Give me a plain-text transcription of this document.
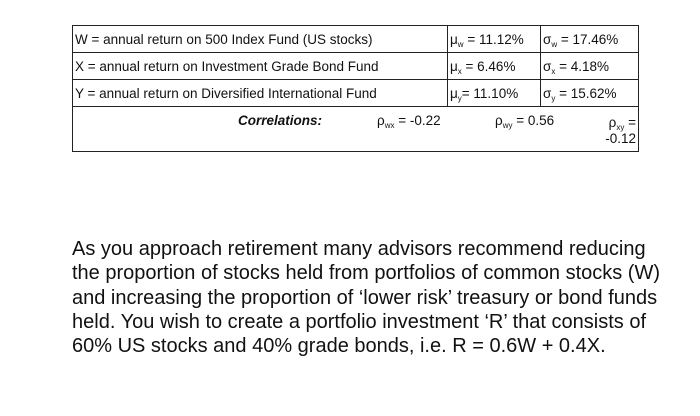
W = annual return on 500 Index Fund (US stocks)	$\mu_w = 11.12\%$	$\sigma_w = 17.46\%$
X = annual return on Investment Grade Bond Fund	$\mu_x = 6.46\%$	$\sigma_x = 4.18\%$
Y = annual return on Diversified International Fund	$\mu_y= 11.10\%$	$\sigma_y = 15.62\%$

Correlations: $\rho_{wx} = -0.22$ $\rho_{wy} = 0.56$ $\rho_{xy}$ =
-0.12		

As you approach retirement many advisors recommend reducing the proportion of stocks held from portfolios of common stocks (W) and increasing the proportion of ‘lower risk’ treasury or bond funds held. You wish to create a portfolio investment ‘R’ that consists of 60% US stocks and 40% grade bonds, i.e. R = 0.6W + 0.4X.
